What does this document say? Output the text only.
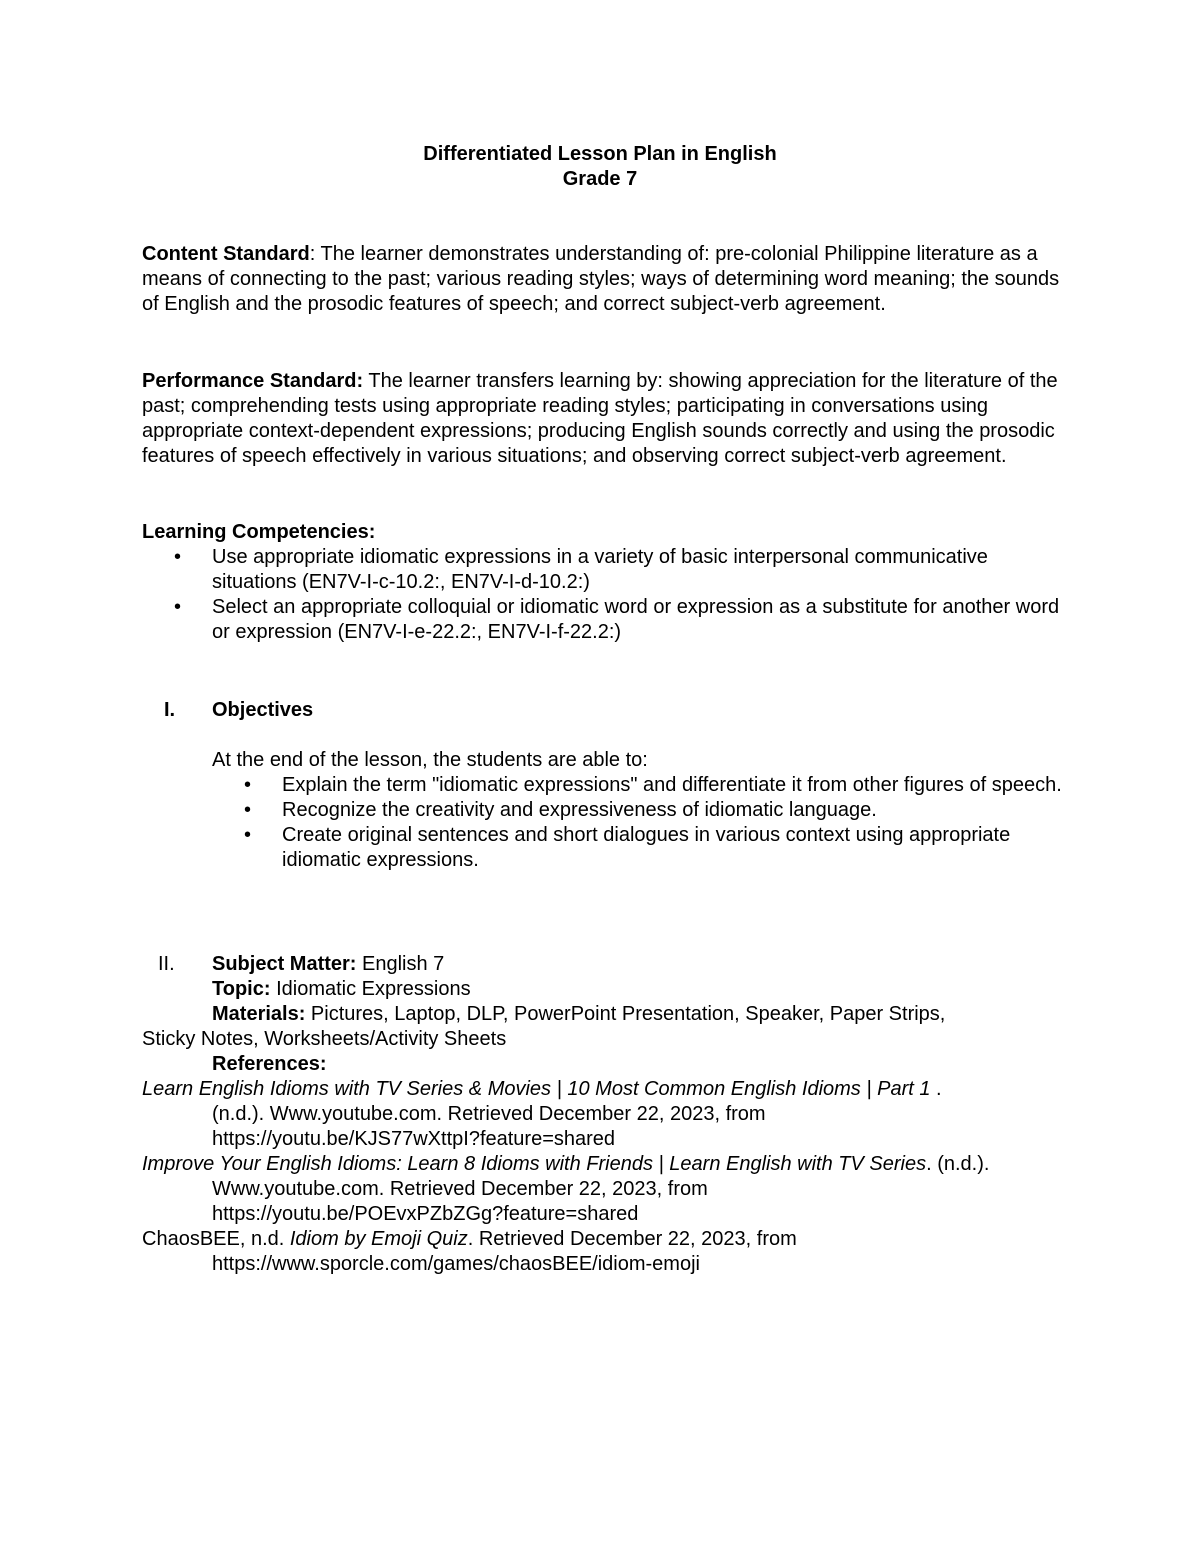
Differentiated Lesson Plan in English
Grade 7

Content Standard: The learner demonstrates understanding of: pre-colonial Philippine literature as a means of connecting to the past; various reading styles; ways of determining word meaning; the sounds of English and the prosodic features of speech; and correct subject-verb agreement.

Performance Standard: The learner transfers learning by: showing appreciation for the literature of the past; comprehending tests using appropriate reading styles; participating in conversations using appropriate context-dependent expressions; producing English sounds correctly and using the prosodic features of speech effectively in various situations; and observing correct subject-verb agreement.

Learning Competencies:

• Use appropriate idiomatic expressions in a variety of basic interpersonal communicative situations (EN7V-I-c-10.2:, EN7V-I-d-10.2:)
• Select an appropriate colloquial or idiomatic word or expression as a substitute for another word or expression (EN7V-I-e-22.2:, EN7V-I-f-22.2:)

I. Objectives

At the end of the lesson, the students are able to:

• Explain the term "idiomatic expressions" and differentiate it from other figures of speech.
• Recognize the creativity and expressiveness of idiomatic language.
• Create original sentences and short dialogues in various context using appropriate idiomatic expressions.

II. Subject Matter: English 7

Topic: Idiomatic Expressions

Materials: Pictures, Laptop, DLP, PowerPoint Presentation, Speaker, Paper Strips,

Sticky Notes, Worksheets/Activity Sheets

References:

Learn English Idioms with TV Series & Movies | 10 Most Common English Idioms | Part 1 .

(n.d.). Www.youtube.com. Retrieved December 22, 2023, from

https://youtu.be/KJS77wXttpI?feature=shared

Improve Your English Idioms: Learn 8 Idioms with Friends | Learn English with TV Series. (n.d.).

Www.youtube.com. Retrieved December 22, 2023, from

https://youtu.be/POEvxPZbZGg?feature=shared

ChaosBEE, n.d. Idiom by Emoji Quiz. Retrieved December 22, 2023, from

https://www.sporcle.com/games/chaosBEE/idiom-emoji
